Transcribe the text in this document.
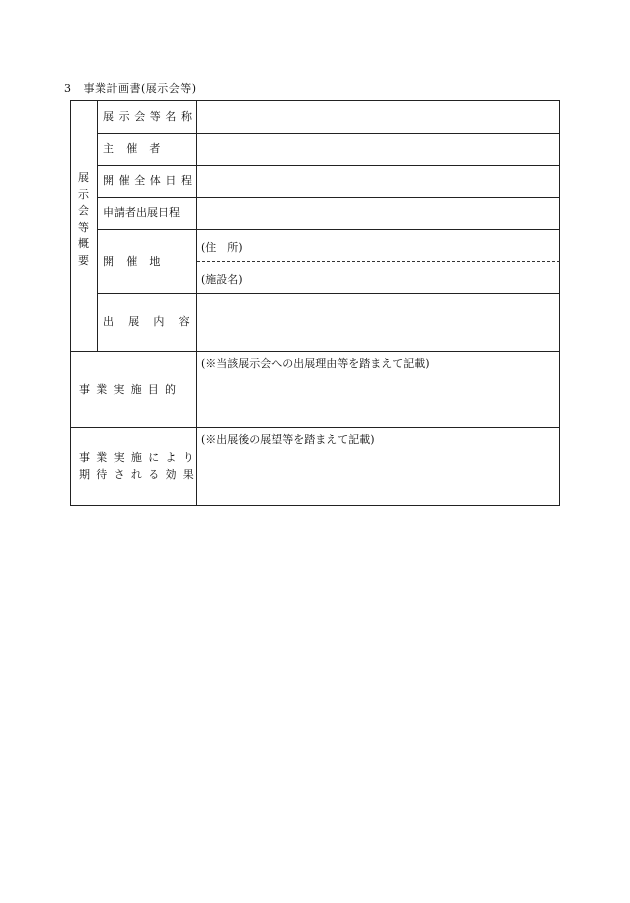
3 事業計画書(展示会等)
展
示
会
等
概
要
展示会等名称
主　催　者
開催全体日程
申請者出展日程
開　催　地
出　展　内　容
(住　所)
(施設名)
事業実施目的
(※当該展示会への出展理由等を踏まえて記載)
事業実施により
期待される効果
(※出展後の展望等を踏まえて記載)
